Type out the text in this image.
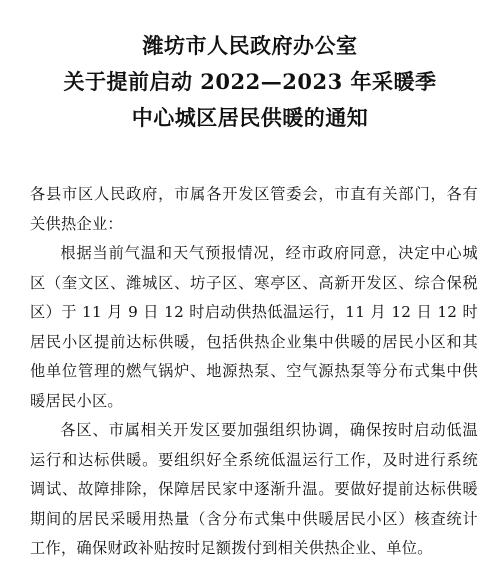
潍坊市人民政府办公室
关于提前启动 2022—2023 年采暖季
中心城区居民供暖的通知

各县市区人民政府，市属各开发区管委会，市直有关部门，各有关供热企业：

根据当前气温和天气预报情况，经市政府同意，决定中心城区（奎文区、潍城区、坊子区、寒亭区、高新开发区、综合保税区）于 11 月 9 日 12 时启动供热低温运行，11 月 12 日 12 时居民小区提前达标供暖，包括供热企业集中供暖的居民小区和其他单位管理的燃气锅炉、地源热泵、空气源热泵等分布式集中供暖居民小区。

各区、市属相关开发区要加强组织协调，确保按时启动低温运行和达标供暖。要组织好全系统低温运行工作，及时进行系统调试、故障排除，保障居民家中逐渐升温。要做好提前达标供暖期间的居民采暖用热量（含分布式集中供暖居民小区）核查统计工作，确保财政补贴按时足额拨付到相关供热企业、单位。
